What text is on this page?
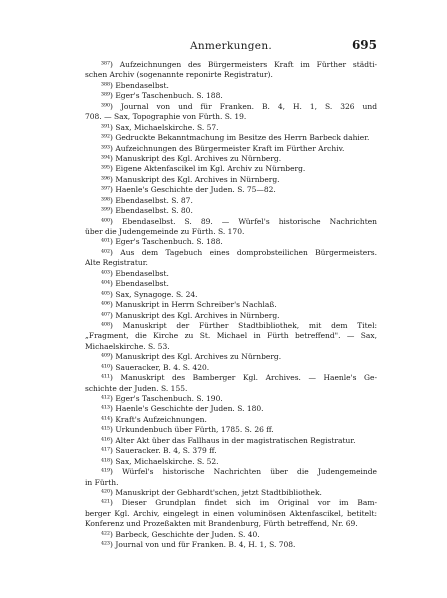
Anmerkungen.	695
³⁸⁷) Aufzeichnungen des Bürgermeisters Kraft im Fürther städti-
schen Archiv (sogenannte reponirte Registratur).
³⁸⁸) Ebendaselbst.
³⁸⁹) Eger's Taschenbuch. S. 188.
³⁹⁰) Journal von und für Franken. B. 4, H. 1, S. 326 und
708. — Sax, Topographie von Fürth. S. 19.
³⁹¹) Sax, Michaelskirche. S. 57.
³⁹²) Gedruckte Bekanntmachung im Besitze des Herrn Barbeck dahier.
³⁹³) Aufzeichnungen des Bürgermeister Kraft im Fürther Archiv.
³⁹⁴) Manuskript des Kgl. Archives zu Nürnberg.
³⁹⁵) Eigene Aktenfascikel im Kgl. Archiv zu Nürnberg.
³⁹⁶) Manuskript des Kgl. Archives in Nürnberg.
³⁹⁷) Haenle's Geschichte der Juden. S. 75—82.
³⁹⁸) Ebendaselbst. S. 87.
³⁹⁹) Ebendaselbst. S. 80.
⁴⁰⁰) Ebendaselbst. S. 89. — Würfel's historische Nachrichten
über die Judengemeinde zu Fürth. S. 170.
⁴⁰¹) Eger's Taschenbuch. S. 188.
⁴⁰²) Aus dem Tagebuch eines domprobsteilichen Bürgermeisters.
Alte Registratur.
⁴⁰³) Ebendaselbst.
⁴⁰⁴) Ebendaselbst.
⁴⁰⁵) Sax, Synagoge. S. 24.
⁴⁰⁶) Manuskript in Herrn Schreiber's Nachlaß.
⁴⁰⁷) Manuskript des Kgl. Archives in Nürnberg.
⁴⁰⁸) Manuskript der Fürther Stadtbibliothek, mit dem Titel:
„Fragment, die Kirche zu St. Michael in Fürth betreffend". — Sax,
Michaelskirche. S. 53.
⁴⁰⁹) Manuskript des Kgl. Archives zu Nürnberg.
⁴¹⁰) Saueracker, B. 4. S. 420.
⁴¹¹) Manuskript des Bamberger Kgl. Archives. — Haenle's Ge-
schichte der Juden. S. 155.
⁴¹²) Eger's Taschenbuch. S. 190.
⁴¹³) Haenle's Geschichte der Juden. S. 180.
⁴¹⁴) Kraft's Aufzeichnungen.
⁴¹⁵) Urkundenbuch über Fürth, 1785. S. 26 ff.
⁴¹⁶) Alter Akt über das Fallhaus in der magistratischen Registratur.
⁴¹⁷) Saueracker. B. 4, S. 379 ff.
⁴¹⁸) Sax, Michaelskirche. S. 52.
⁴¹⁹) Würfel's historische Nachrichten über die Judengemeinde
in Fürth.
⁴²⁰) Manuskript der Gebhardt'schen, jetzt Stadtbibliothek.
⁴²¹) Dieser Grundplan findet sich im Original vor im Bam-
berger Kgl. Archiv, eingelegt in einen voluminösen Aktenfascikel, betitelt:
Konferenz und Prozeßakten mit Brandenburg, Fürth betreffend, Nr. 69.
⁴²²) Barbeck, Geschichte der Juden. S. 40.
⁴²³) Journal von und für Franken. B. 4, H. 1, S. 708.
